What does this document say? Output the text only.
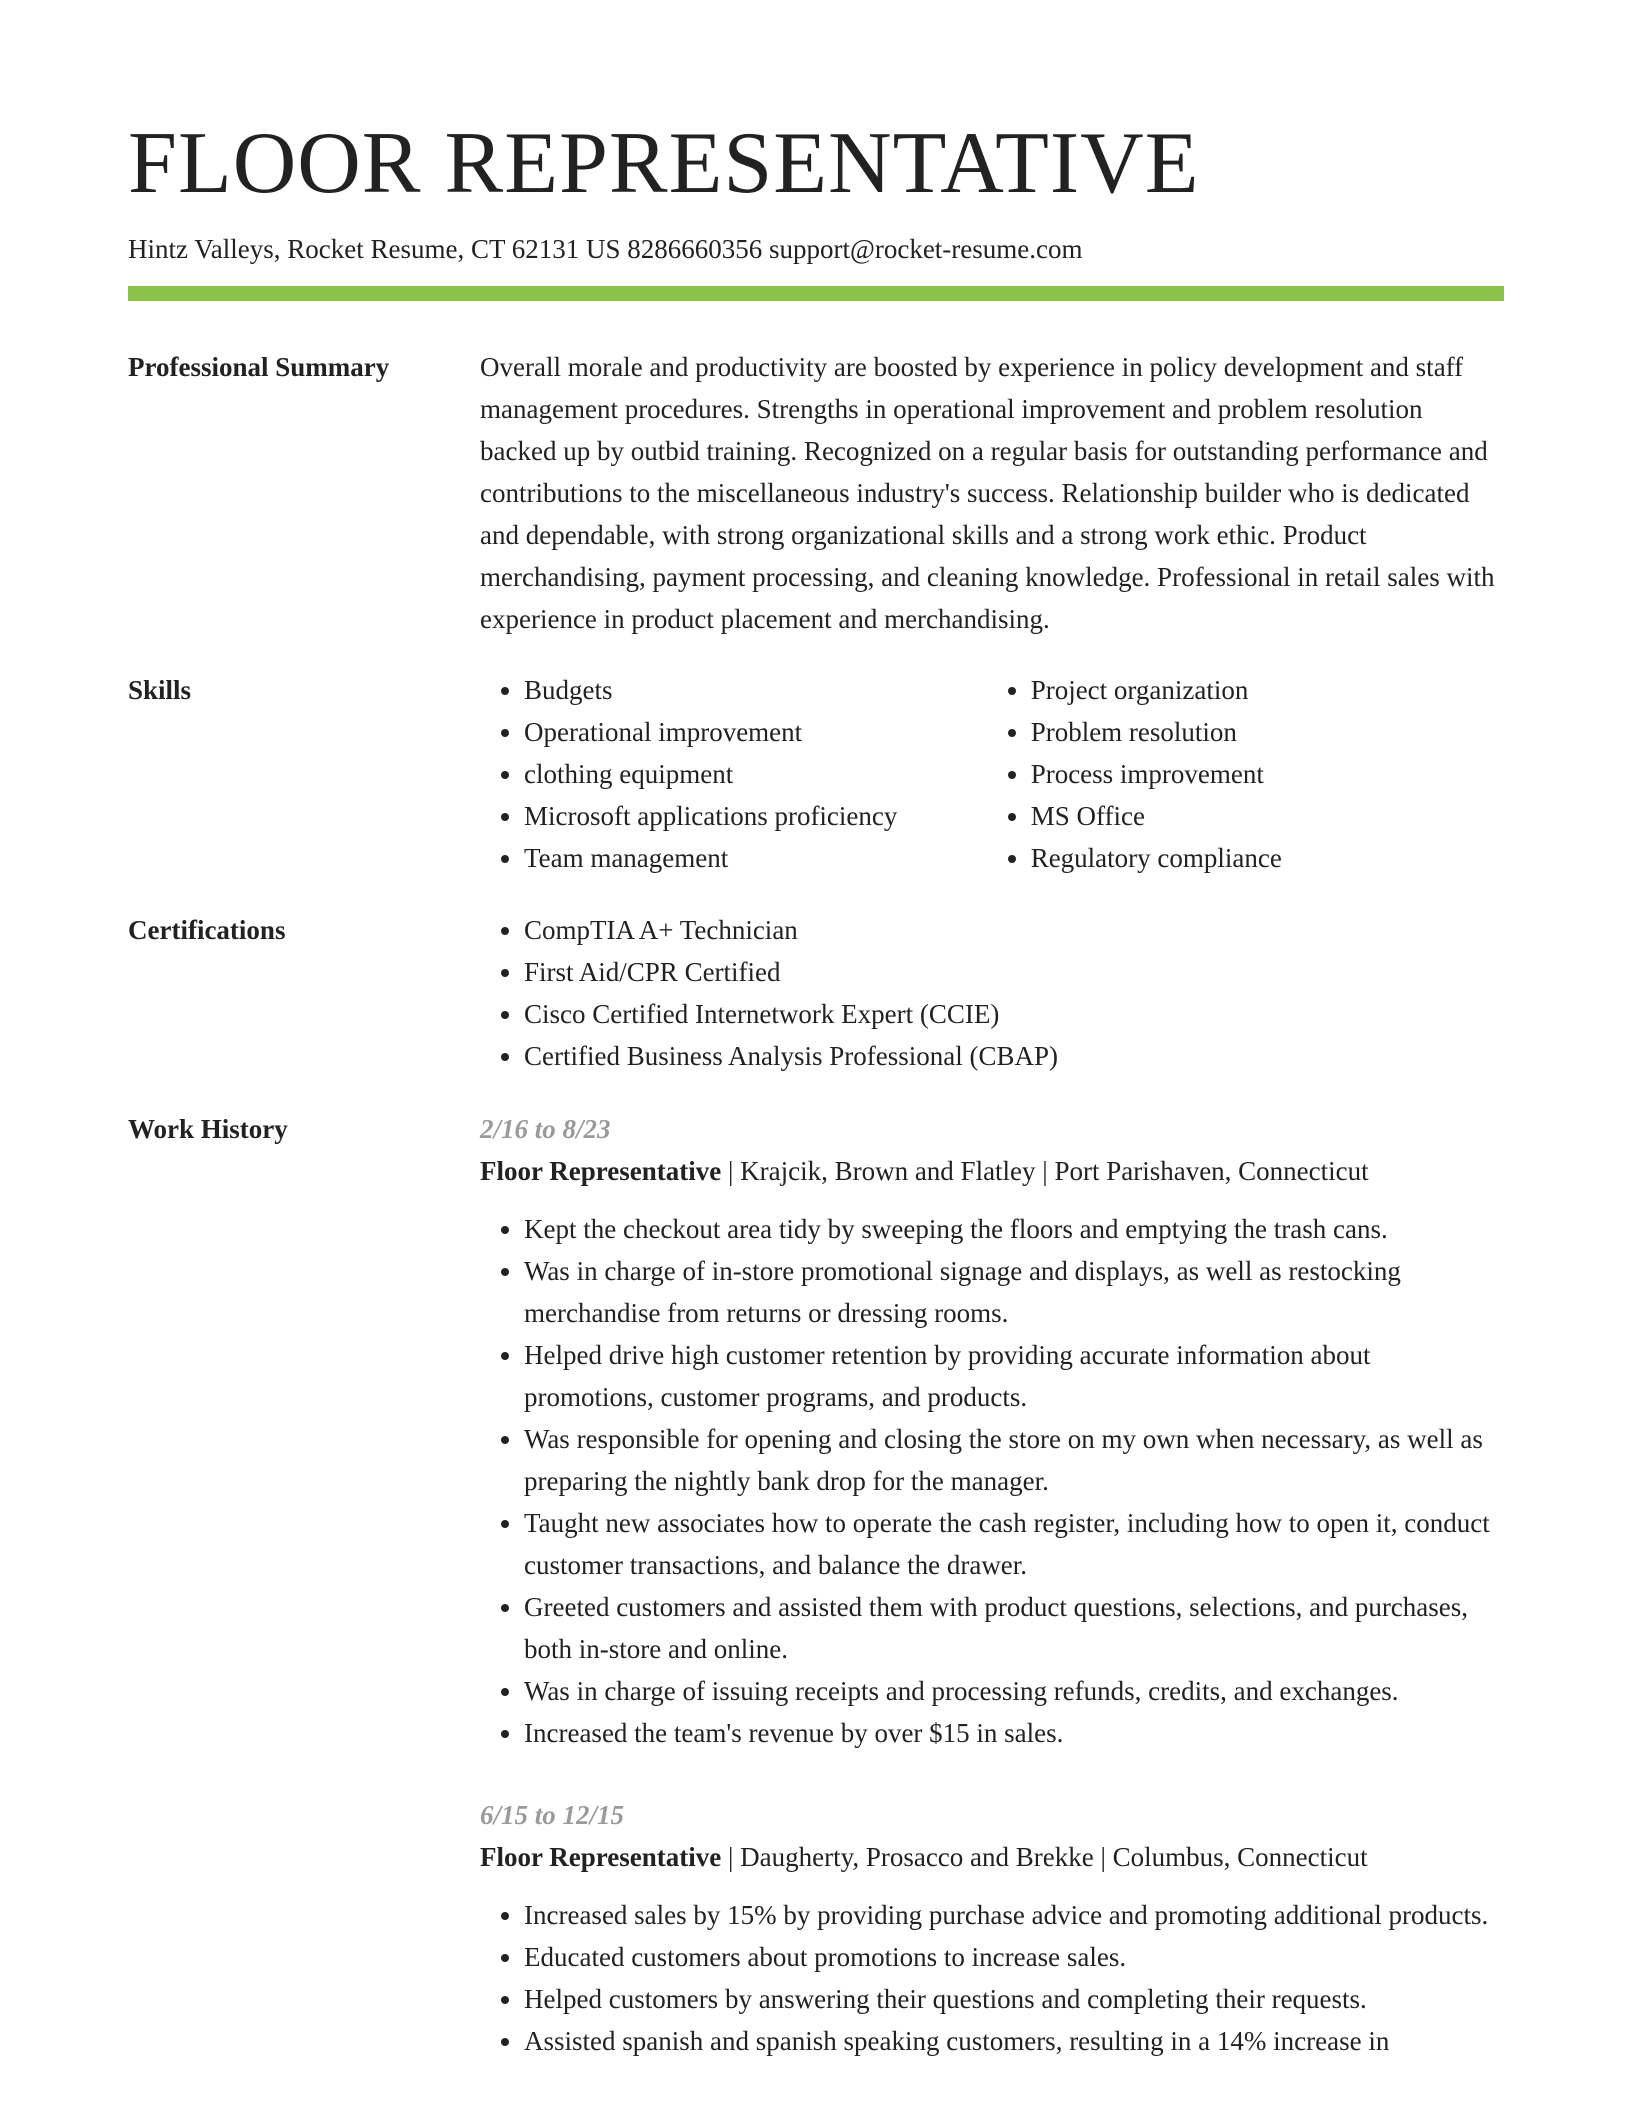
FLOOR REPRESENTATIVE
Hintz Valleys, Rocket Resume, CT 62131 US 8286660356 support@rocket-resume.com
Professional Summary	Overall morale and productivity are boosted by experience in policy development and staff management procedures. Strengths in operational improvement and problem resolution backed up by outbid training. Recognized on a regular basis for outstanding performance and contributions to the miscellaneous industry's success. Relationship builder who is dedicated and dependable, with strong organizational skills and a strong work ethic. Product merchandising, payment processing, and cleaning knowledge. Professional in retail sales with experience in product placement and merchandising.

Skills	• Budgets
• Operational improvement
• clothing equipment
• Microsoft applications proficiency
• Team management
• Project organization
• Problem resolution
• Process improvement
• MS Office
• Regulatory compliance
Certifications	• CompTIA A+ Technician
• First Aid/CPR Certified
• Cisco Certified Internetwork Expert (CCIE)
• Certified Business Analysis Professional (CBAP)
Work History	2/16 to 8/23
Floor Representative | Krajcik, Brown and Flatley | Port Parishaven, Connecticut
• Kept the checkout area tidy by sweeping the floors and emptying the trash cans.
• Was in charge of in-store promotional signage and displays, as well as restocking merchandise from returns or dressing rooms.
• Helped drive high customer retention by providing accurate information about promotions, customer programs, and products.
• Was responsible for opening and closing the store on my own when necessary, as well as preparing the nightly bank drop for the manager.
• Taught new associates how to operate the cash register, including how to open it, conduct customer transactions, and balance the drawer.
• Greeted customers and assisted them with product questions, selections, and purchases, both in-store and online.
• Was in charge of issuing receipts and processing refunds, credits, and exchanges.
• Increased the team's revenue by over $15 in sales.
6/15 to 12/15
Floor Representative | Daugherty, Prosacco and Brekke | Columbus, Connecticut
• Increased sales by 15% by providing purchase advice and promoting additional products.
• Educated customers about promotions to increase sales.
• Helped customers by answering their questions and completing their requests.
• Assisted spanish and spanish speaking customers, resulting in a 14% increase in
